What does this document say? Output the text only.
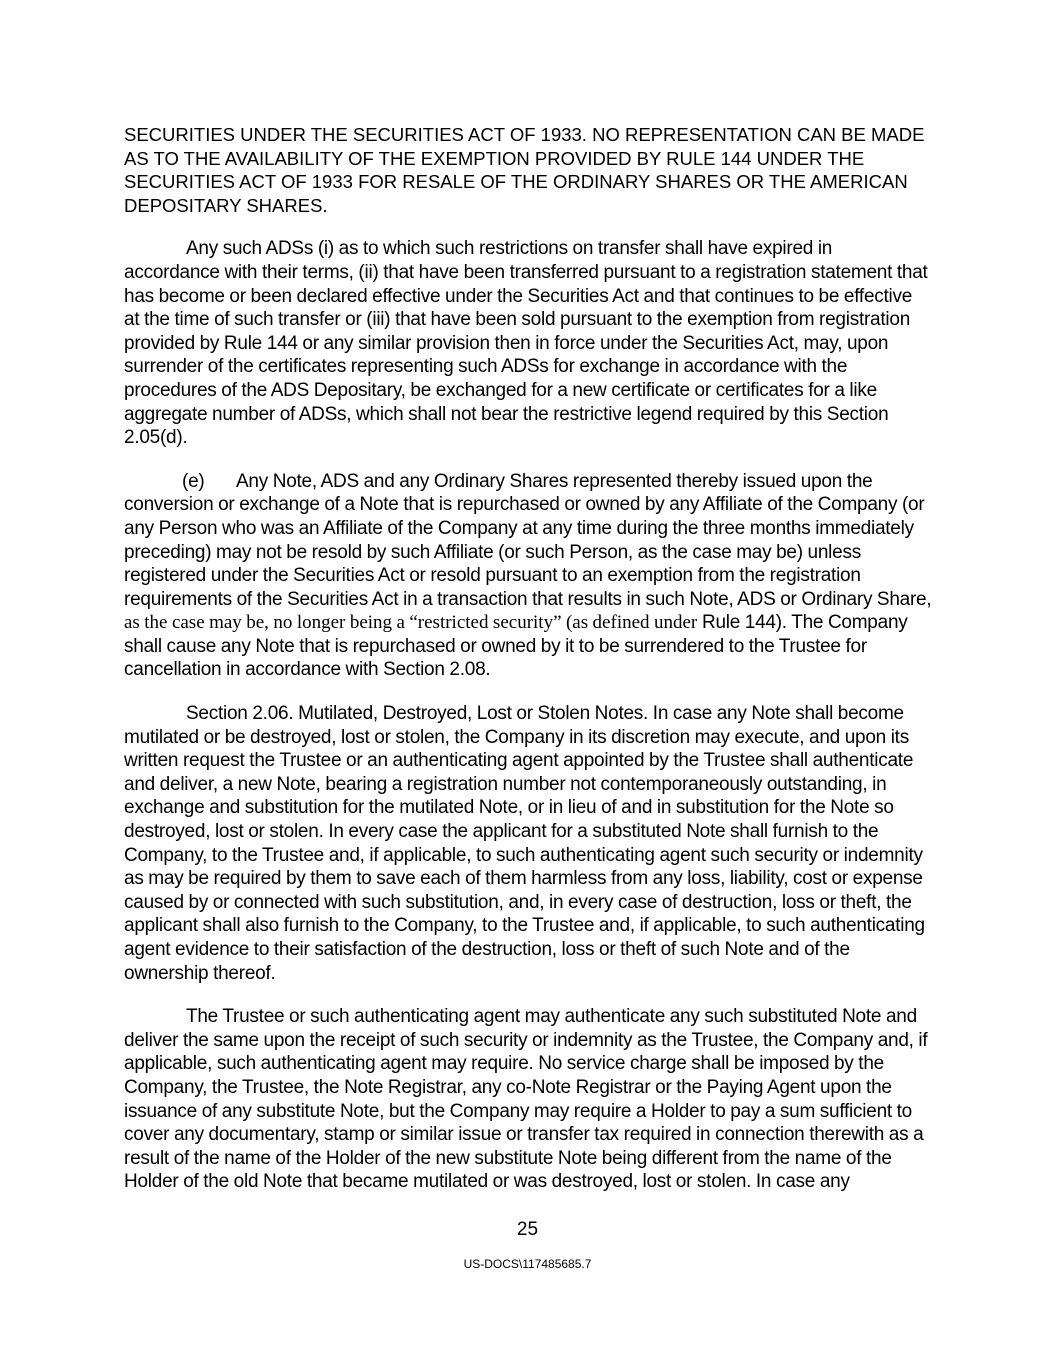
SECURITIES UNDER THE SECURITIES ACT OF 1933. NO REPRESENTATION CAN BE MADE AS TO THE AVAILABILITY OF THE EXEMPTION PROVIDED BY RULE 144 UNDER THE SECURITIES ACT OF 1933 FOR RESALE OF THE ORDINARY SHARES OR THE AMERICAN DEPOSITARY SHARES.

Any such ADSs (i) as to which such restrictions on transfer shall have expired in accordance with their terms, (ii) that have been transferred pursuant to a registration statement that has become or been declared effective under the Securities Act and that continues to be effective at the time of such transfer or (iii) that have been sold pursuant to the exemption from registration provided by Rule 144 or any similar provision then in force under the Securities Act, may, upon surrender of the certificates representing such ADSs for exchange in accordance with the procedures of the ADS Depositary, be exchanged for a new certificate or certificates for a like aggregate number of ADSs, which shall not bear the restrictive legend required by this Section 2.05(d).

(e) Any Note, ADS and any Ordinary Shares represented thereby issued upon the conversion or exchange of a Note that is repurchased or owned by any Affiliate of the Company (or any Person who was an Affiliate of the Company at any time during the three months immediately preceding) may not be resold by such Affiliate (or such Person, as the case may be) unless registered under the Securities Act or resold pursuant to an exemption from the registration requirements of the Securities Act in a transaction that results in such Note, ADS or Ordinary Share, as the case may be, no longer being a “restricted security” (as defined under Rule 144). The Company shall cause any Note that is repurchased or owned by it to be surrendered to the Trustee for cancellation in accordance with Section 2.08.

Section 2.06. Mutilated, Destroyed, Lost or Stolen Notes. In case any Note shall become mutilated or be destroyed, lost or stolen, the Company in its discretion may execute, and upon its written request the Trustee or an authenticating agent appointed by the Trustee shall authenticate and deliver, a new Note, bearing a registration number not contemporaneously outstanding, in exchange and substitution for the mutilated Note, or in lieu of and in substitution for the Note so destroyed, lost or stolen. In every case the applicant for a substituted Note shall furnish to the Company, to the Trustee and, if applicable, to such authenticating agent such security or indemnity as may be required by them to save each of them harmless from any loss, liability, cost or expense caused by or connected with such substitution, and, in every case of destruction, loss or theft, the applicant shall also furnish to the Company, to the Trustee and, if applicable, to such authenticating agent evidence to their satisfaction of the destruction, loss or theft of such Note and of the ownership thereof.

The Trustee or such authenticating agent may authenticate any such substituted Note and deliver the same upon the receipt of such security or indemnity as the Trustee, the Company and, if applicable, such authenticating agent may require. No service charge shall be imposed by the Company, the Trustee, the Note Registrar, any co-Note Registrar or the Paying Agent upon the issuance of any substitute Note, but the Company may require a Holder to pay a sum sufficient to cover any documentary, stamp or similar issue or transfer tax required in connection therewith as a result of the name of the Holder of the new substitute Note being different from the name of the Holder of the old Note that became mutilated or was destroyed, lost or stolen. In case any

25
US-DOCS\117485685.7
